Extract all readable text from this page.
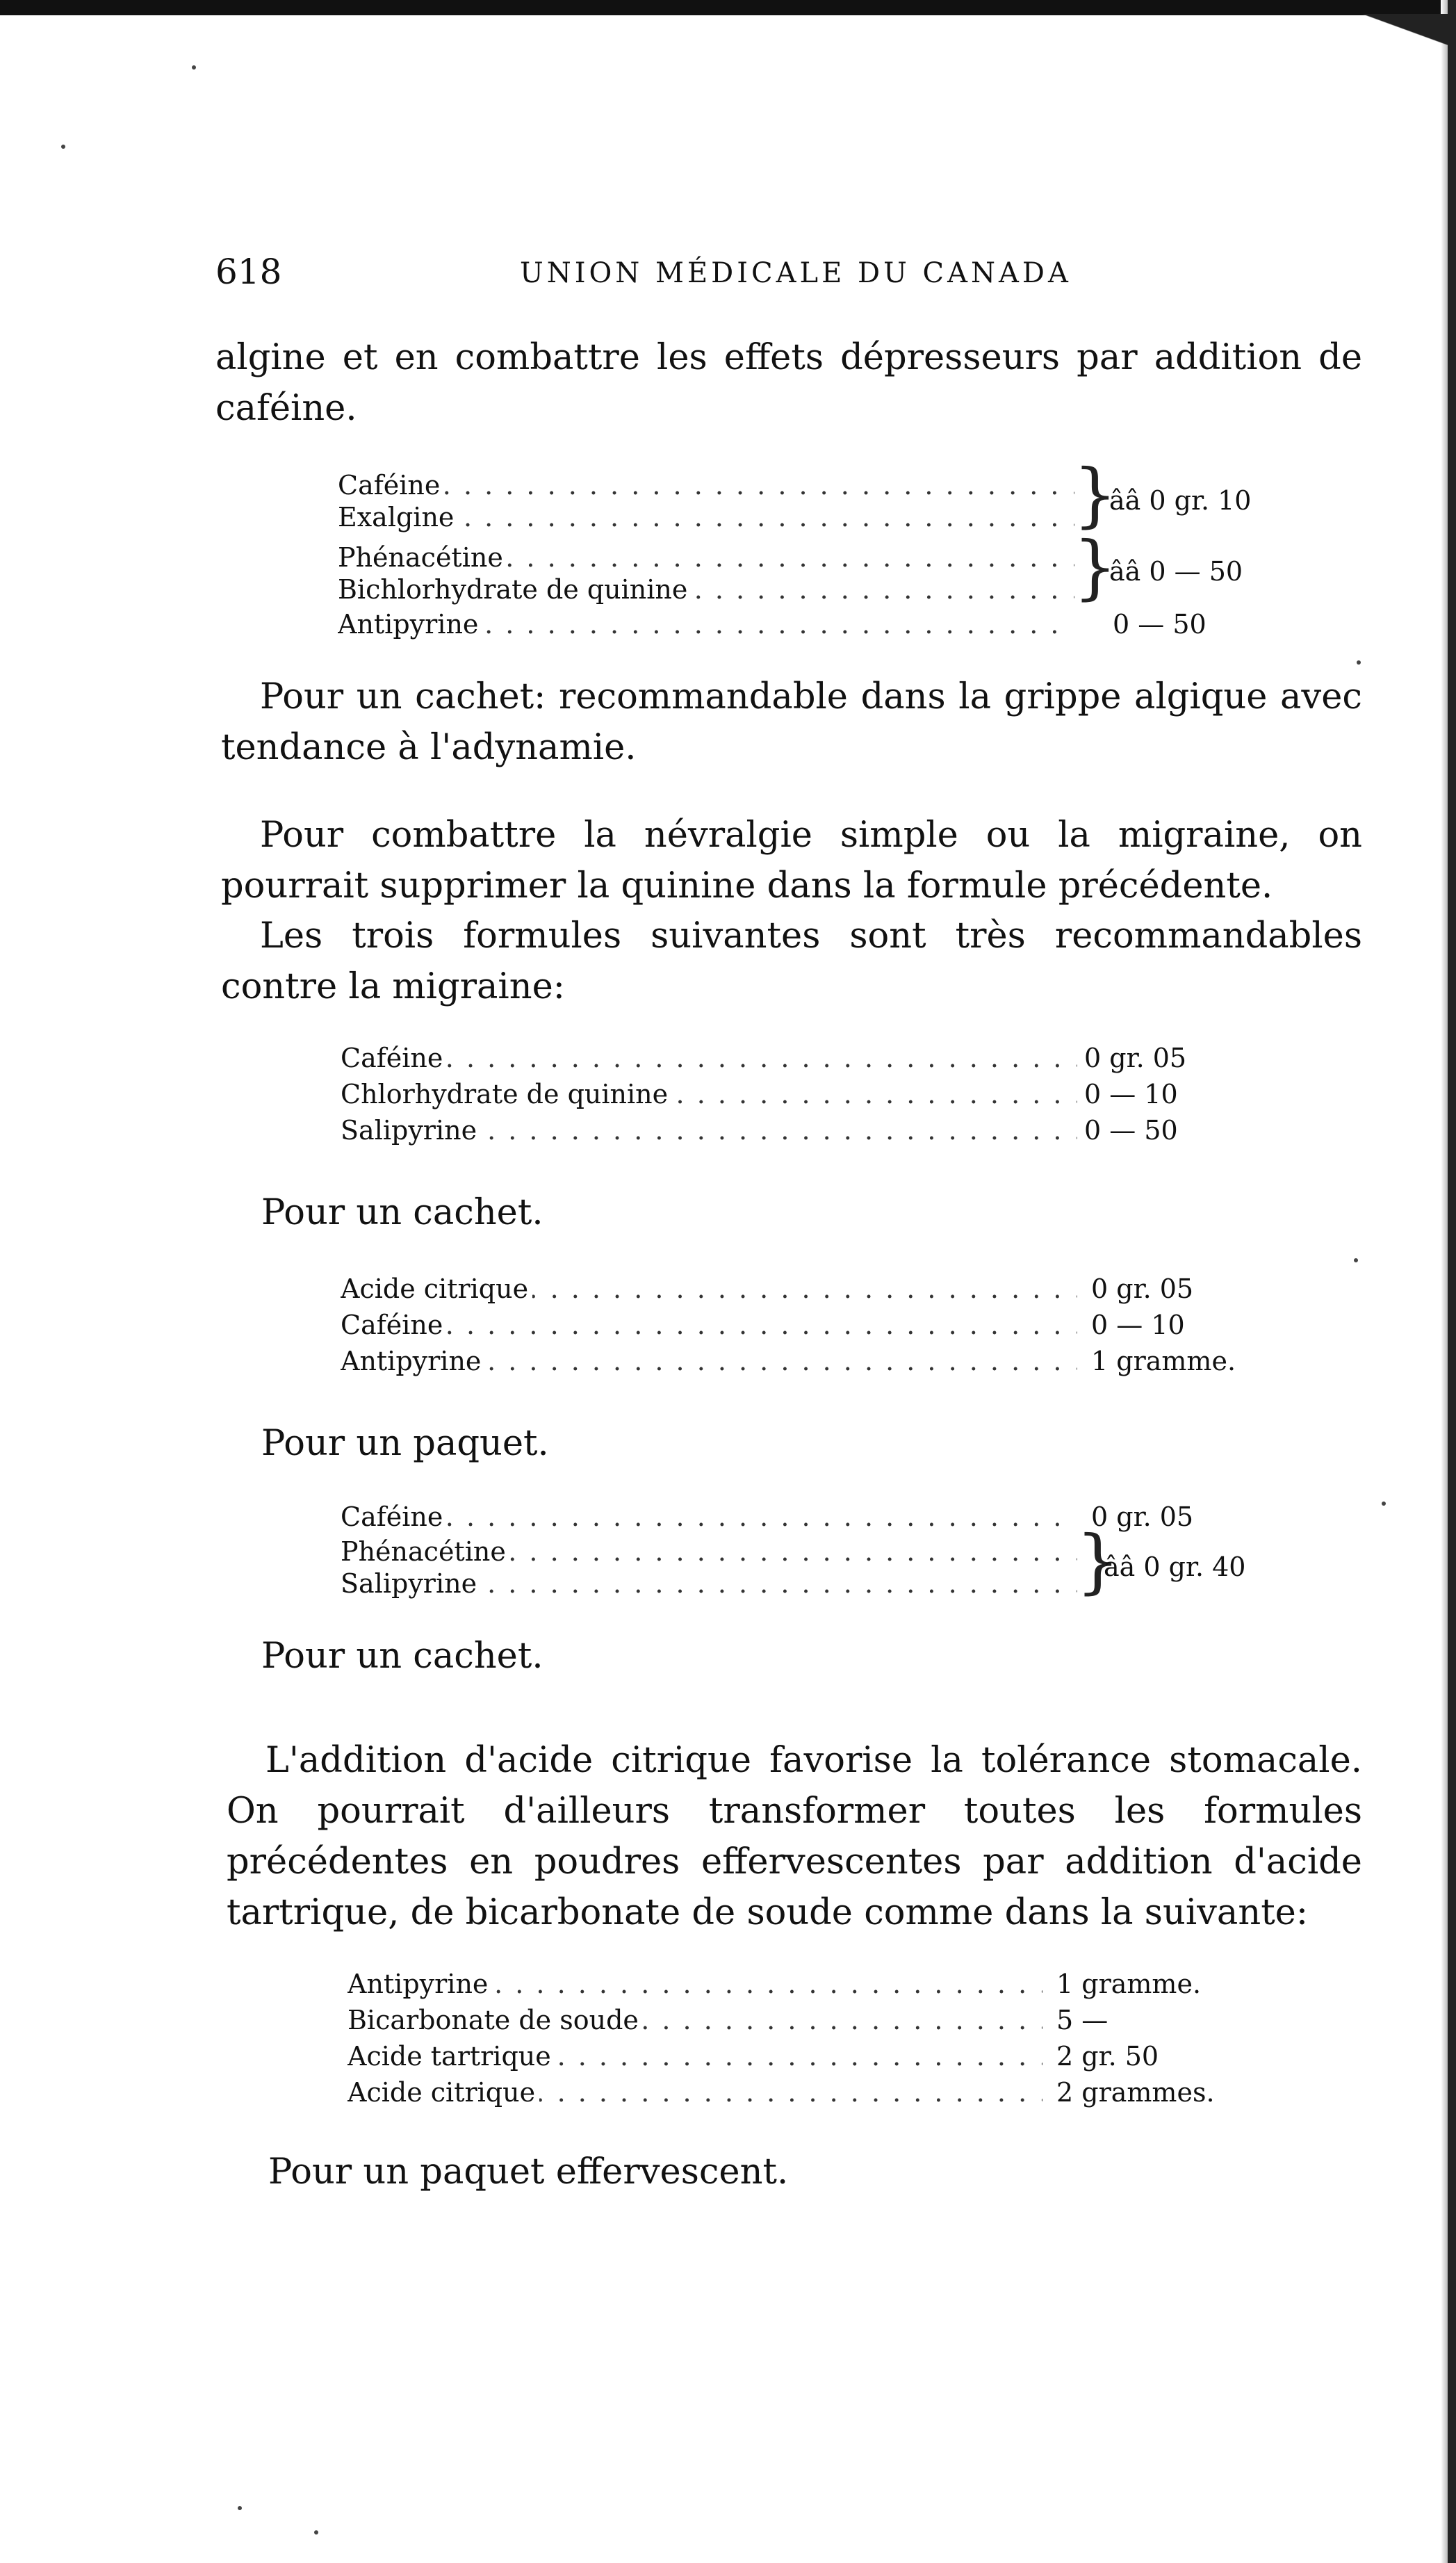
618	UNION MÉDICALE DU CANADA
algine et en combattre les effets dépresseurs par addition de caféine.
Caféine . . .
Exalgine . . .	}
ââ 0 gr. 10
Phénacétine . . .
Bichlorhydrate de quinine . . .	}
ââ 0 — 50
Antipyrine . . .	0 — 50
Pour un cachet: recommandable dans la grippe algique avec tendance à l'adynamie.
Pour combattre la névralgie simple ou la migraine, on pourrait supprimer la quinine dans la formule précédente.
Les trois formules suivantes sont très recommandables contre la migraine:
Caféine . . .	0 gr. 05
Chlorhydrate de quinine . . .	0 — 10
Salipyrine . . .	0 — 50
Pour un cachet.
Acide citrique . . .	0 gr. 05
Caféine . . .	0 — 10
Antipyrine . . .	1 gramme.
Pour un paquet.
Caféine . . .	0 gr. 05
Phénacétine . . .
Salipyrine . . .	}
ââ 0 gr. 40
Pour un cachet.
L'addition d'acide citrique favorise la tolérance stomacale. On pourrait d'ailleurs transformer toutes les formules précédentes en poudres effervescentes par addition d'acide tartrique, de bicarbonate de soude comme dans la suivante:
Antipyrine . . .	1 gramme.
Bicarbonate de soude . . .	5 —
Acide tartrique . . .	2 gr. 50
Acide citrique . . .	2 grammes.
Pour un paquet effervescent.
